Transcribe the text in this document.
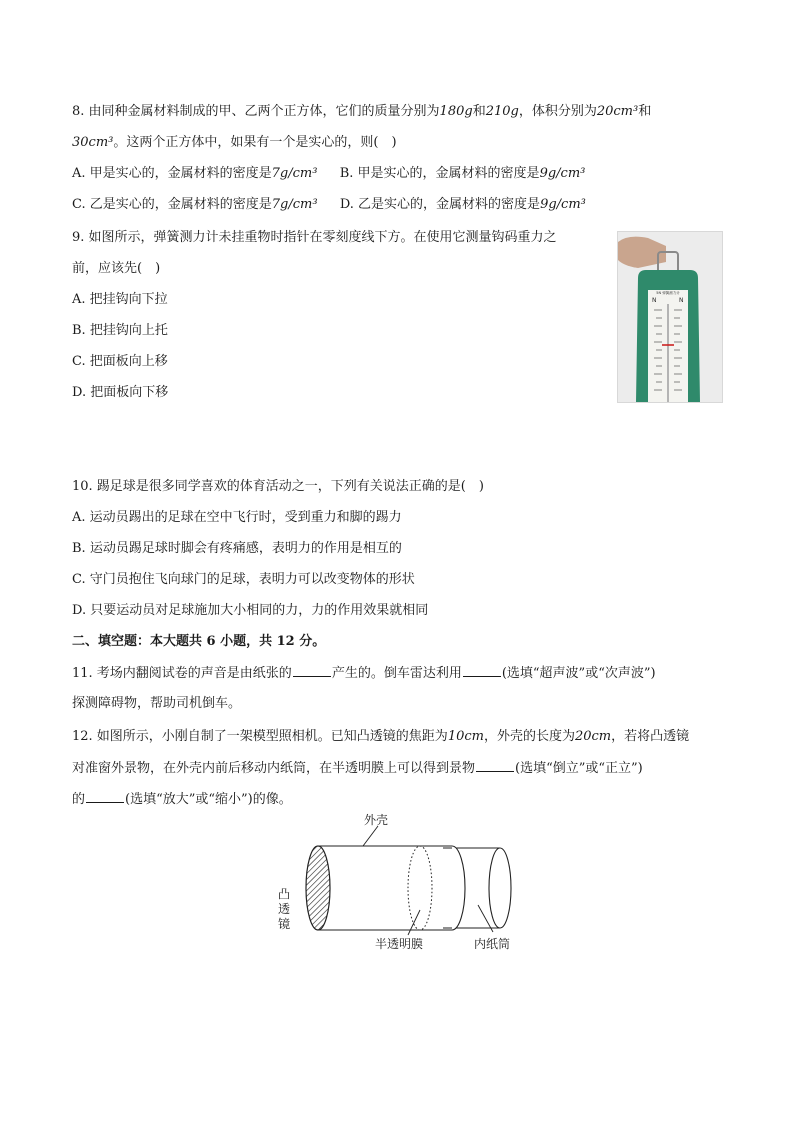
8. 由同种金属材料制成的甲、乙两个正方体，它们的质量分别为180g和210g，体积分别为20cm³和
30cm³。这两个正方体中，如果有一个是实心的，则(　)
A. 甲是实心的，金属材料的密度是7g/cm³ B. 甲是实心的，金属材料的密度是9g/cm³
C. 乙是实心的，金属材料的密度是7g/cm³ D. 乙是实心的，金属材料的密度是9g/cm³
9. 如图所示，弹簧测力计未挂重物时指针在零刻度线下方。在使用它测量钩码重力之
前，应该先(　)
A. 把挂钩向下拉
B. 把挂钩向上托
C. 把面板向上移
D. 把面板向下移
N	N
5N 弹簧测力计
10. 踢足球是很多同学喜欢的体育活动之一，下列有关说法正确的是(　)
A. 运动员踢出的足球在空中飞行时，受到重力和脚的踢力
B. 运动员踢足球时脚会有疼痛感，表明力的作用是相互的
C. 守门员抱住飞向球门的足球，表明力可以改变物体的形状
D. 只要运动员对足球施加大小相同的力，力的作用效果就相同
二、填空题：本大题共 6 小题，共 12 分。
11. 考场内翻阅试卷的声音是由纸张的	产生的。倒车雷达利用	(选填“超声波”或“次声波”)
探测障碍物，帮助司机倒车。
12. 如图所示，小刚自制了一架模型照相机。已知凸透镜的焦距为10cm，外壳的长度为20cm，若将凸透镜
对准窗外景物，在外壳内前后移动内纸筒，在半透明膜上可以得到景物	(选填“倒立”或“正立”)
的	(选填“放大”或“缩小”)的像。
外壳
凸
透
镜
半透明膜	内纸筒
